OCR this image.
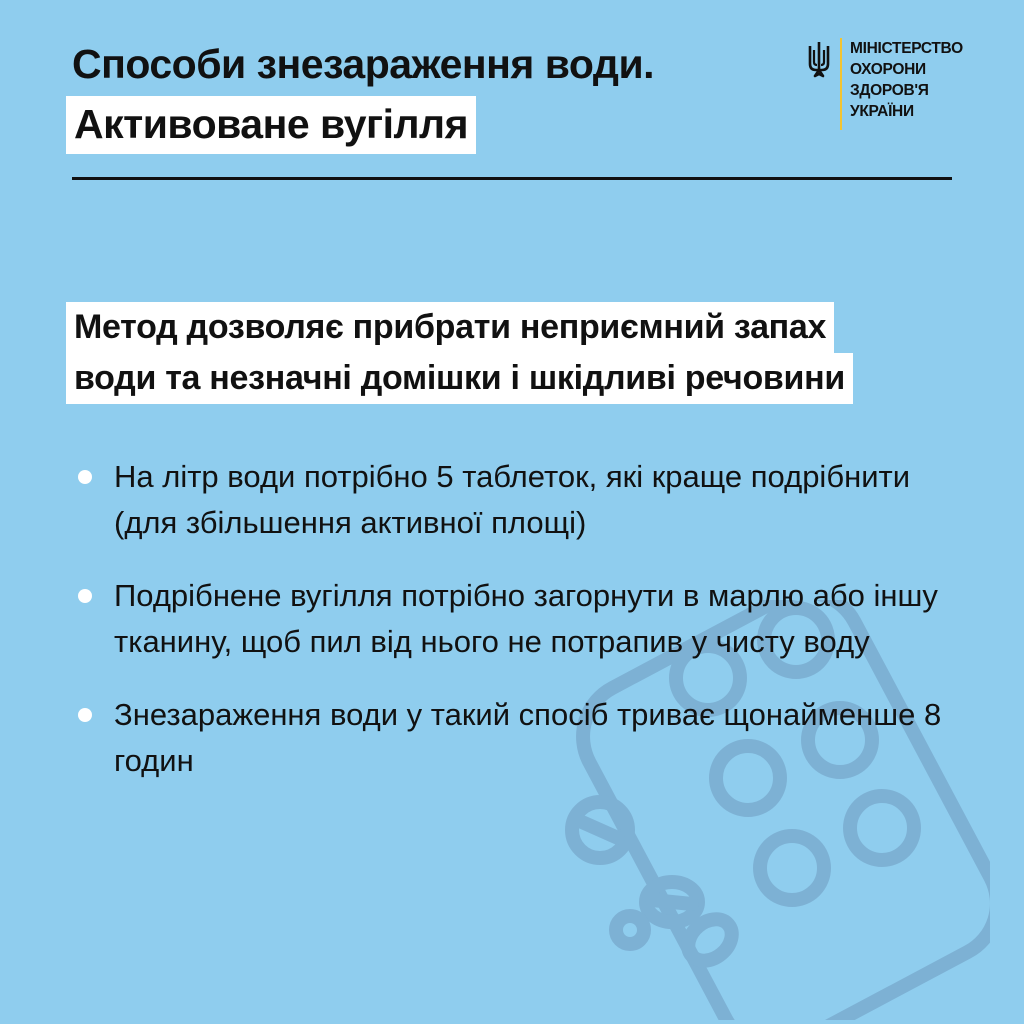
Способи знезараження води.
Активоване вугілля
МІНІСТЕРСТВО
ОХОРОНИ
ЗДОРОВ'Я
УКРАЇНИ
Метод дозволяє прибрати неприємний запах
води та незначні домішки і шкідливі речовини
На літр води потрібно 5 таблеток, які краще подрібнити (для збільшення активної площі)
Подрібнене вугілля потрібно загорнути в марлю або іншу тканину, щоб пил від нього не потрапив у чисту воду
Знезараження води у такий спосіб триває щонайменше 8 годин
